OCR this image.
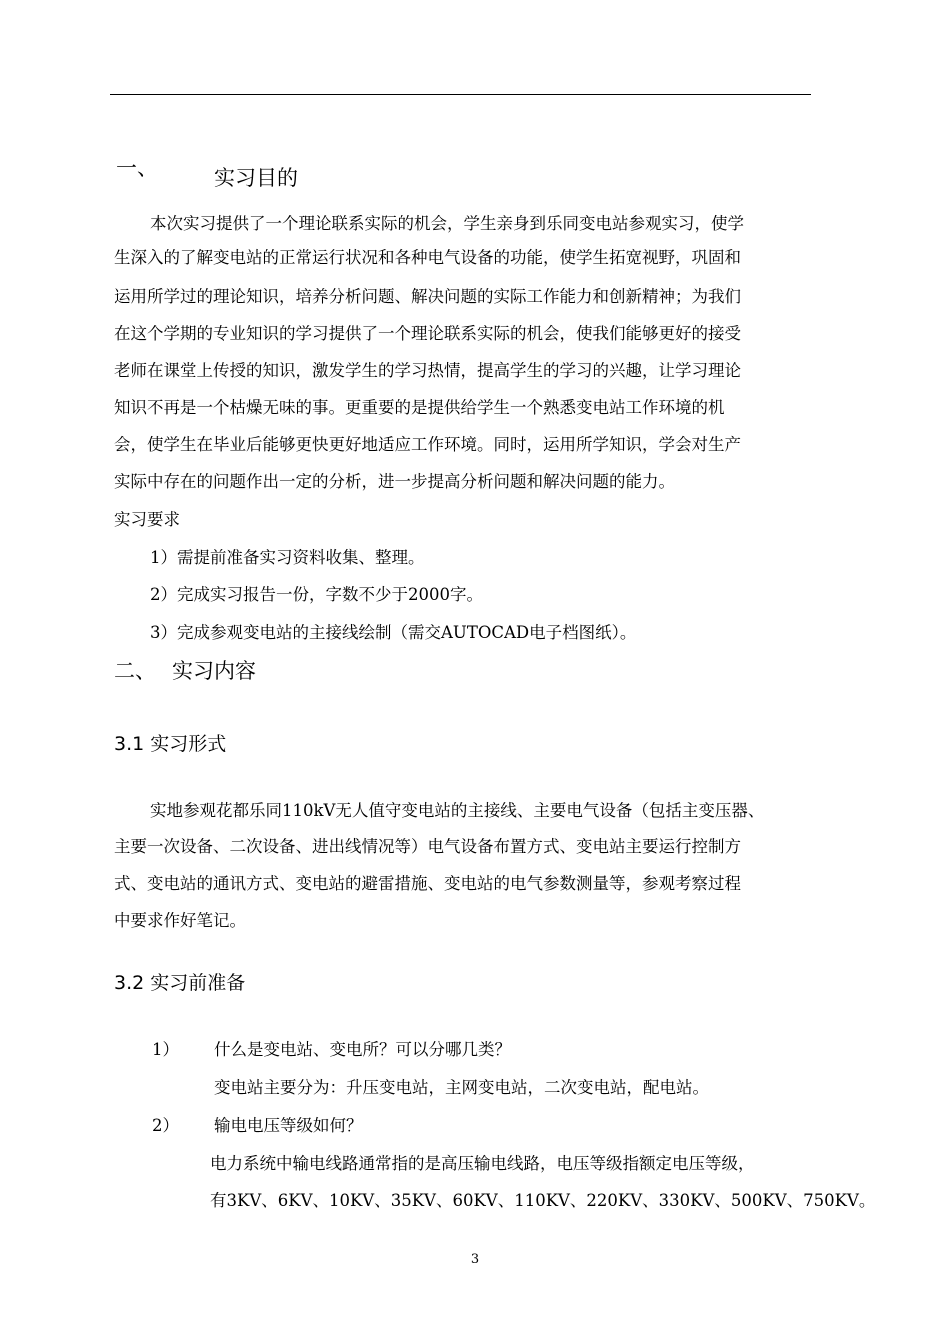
一、	实习目的
本次实习提供了一个理论联系实际的机会，学生亲身到乐同变电站参观实习，使学
生深入的了解变电站的正常运行状况和各种电气设备的功能，使学生拓宽视野，巩固和
运用所学过的理论知识，培养分析问题、解决问题的实际工作能力和创新精神；为我们
在这个学期的专业知识的学习提供了一个理论联系实际的机会，使我们能够更好的接受
老师在课堂上传授的知识，激发学生的学习热情，提高学生的学习的兴趣，让学习理论
知识不再是一个枯燥无味的事。更重要的是提供给学生一个熟悉变电站工作环境的机
会，使学生在毕业后能够更快更好地适应工作环境。同时，运用所学知识，学会对生产
实际中存在的问题作出一定的分析，进一步提高分析问题和解决问题的能力。
实习要求
1）需提前准备实习资料收集、整理。
2）完成实习报告一份，字数不少于2000字。
3）完成参观变电站的主接线绘制（需交AUTOCAD电子档图纸）。
二、 实习内容
3.1 实习形式
实地参观花都乐同110kV无人值守变电站的主接线、主要电气设备（包括主变压器、
主要一次设备、二次设备、进出线情况等）电气设备布置方式、变电站主要运行控制方
式、变电站的通讯方式、变电站的避雷措施、变电站的电气参数测量等，参观考察过程
中要求作好笔记。
3.2 实习前准备
1） 什么是变电站、变电所？可以分哪几类？
变电站主要分为：升压变电站，主网变电站，二次变电站，配电站。
2） 输电电压等级如何？
电力系统中输电线路通常指的是高压输电线路，电压等级指额定电压等级，
有3KV、6KV、10KV、35KV、60KV、110KV、220KV、330KV、500KV、750KV。
3
